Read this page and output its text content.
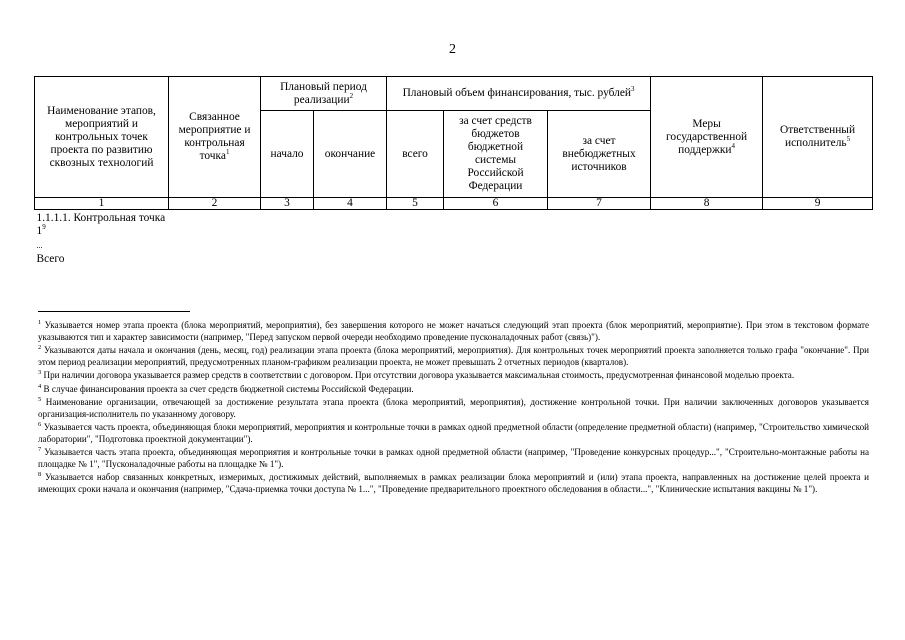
2
Наименование этапов, мероприятий и контрольных точек проекта по развитию сквозных технологий	Связанное мероприятие и контрольная точка$^1$	Плановый период реализации$^2$		Плановый объем финансирования, тыс. рублей$^3$			Меры государственной поддержки$^4$	Ответственный исполнитель$^5$
		начало	окончание	всего	за счет средств бюджетов бюджетной системы Российской Федерации	за счет внебюджетных источников		
1	2	3	4	5	6	7	8	9
1.1.1.1. Контрольная точка $1^9$	
...								
Всего								

$^1$ Указывается номер этапа проекта (блока мероприятий, мероприятия), без завершения которого не может начаться следующий этап проекта (блок мероприятий, мероприятие). При этом в текстовом формате указываются тип и характер зависимости (например, "Перед запуском первой очереди необходимо проведение пусконаладочных работ (связь)").

$^2$ Указываются даты начала и окончания (день, месяц, год) реализации этапа проекта (блока мероприятий, мероприятия). Для контрольных точек мероприятий проекта заполняется только графа "окончание". При этом период реализации мероприятий, предусмотренных планом-графиком реализации проекта, не может превышать 2 отчетных периодов (кварталов).

$^3$ При наличии договора указывается размер средств в соответствии с договором. При отсутствии договора указывается максимальная стоимость, предусмотренная финансовой моделью проекта.

$^4$ В случае финансирования проекта за счет средств бюджетной системы Российской Федерации.

$^5$ Наименование организации, отвечающей за достижение результата этапа проекта (блока мероприятий, мероприятия), достижение контрольной точки. При наличии заключенных договоров указывается организация-исполнитель по указанному договору.

$^6$ Указывается часть проекта, объединяющая блоки мероприятий, мероприятия и контрольные точки в рамках одной предметной области (определение предметной области) (например, "Строительство химической лаборатории", "Подготовка проектной документации").

$^7$ Указывается часть этапа проекта, объединяющая мероприятия и контрольные точки в рамках одной предметной области (например, "Проведение конкурсных процедур...", "Строительно-монтажные работы на площадке № 1", "Пусконаладочные работы на площадке № 1").

$^8$ Указывается набор связанных конкретных, измеримых, достижимых действий, выполняемых в рамках реализации блока мероприятий и (или) этапа проекта, направленных на достижение целей проекта и имеющих сроки начала и окончания (например, "Сдача-приемка точки доступа № 1...", "Проведение предварительного проектного обследования в области...", "Клинические испытания вакцины № 1").
